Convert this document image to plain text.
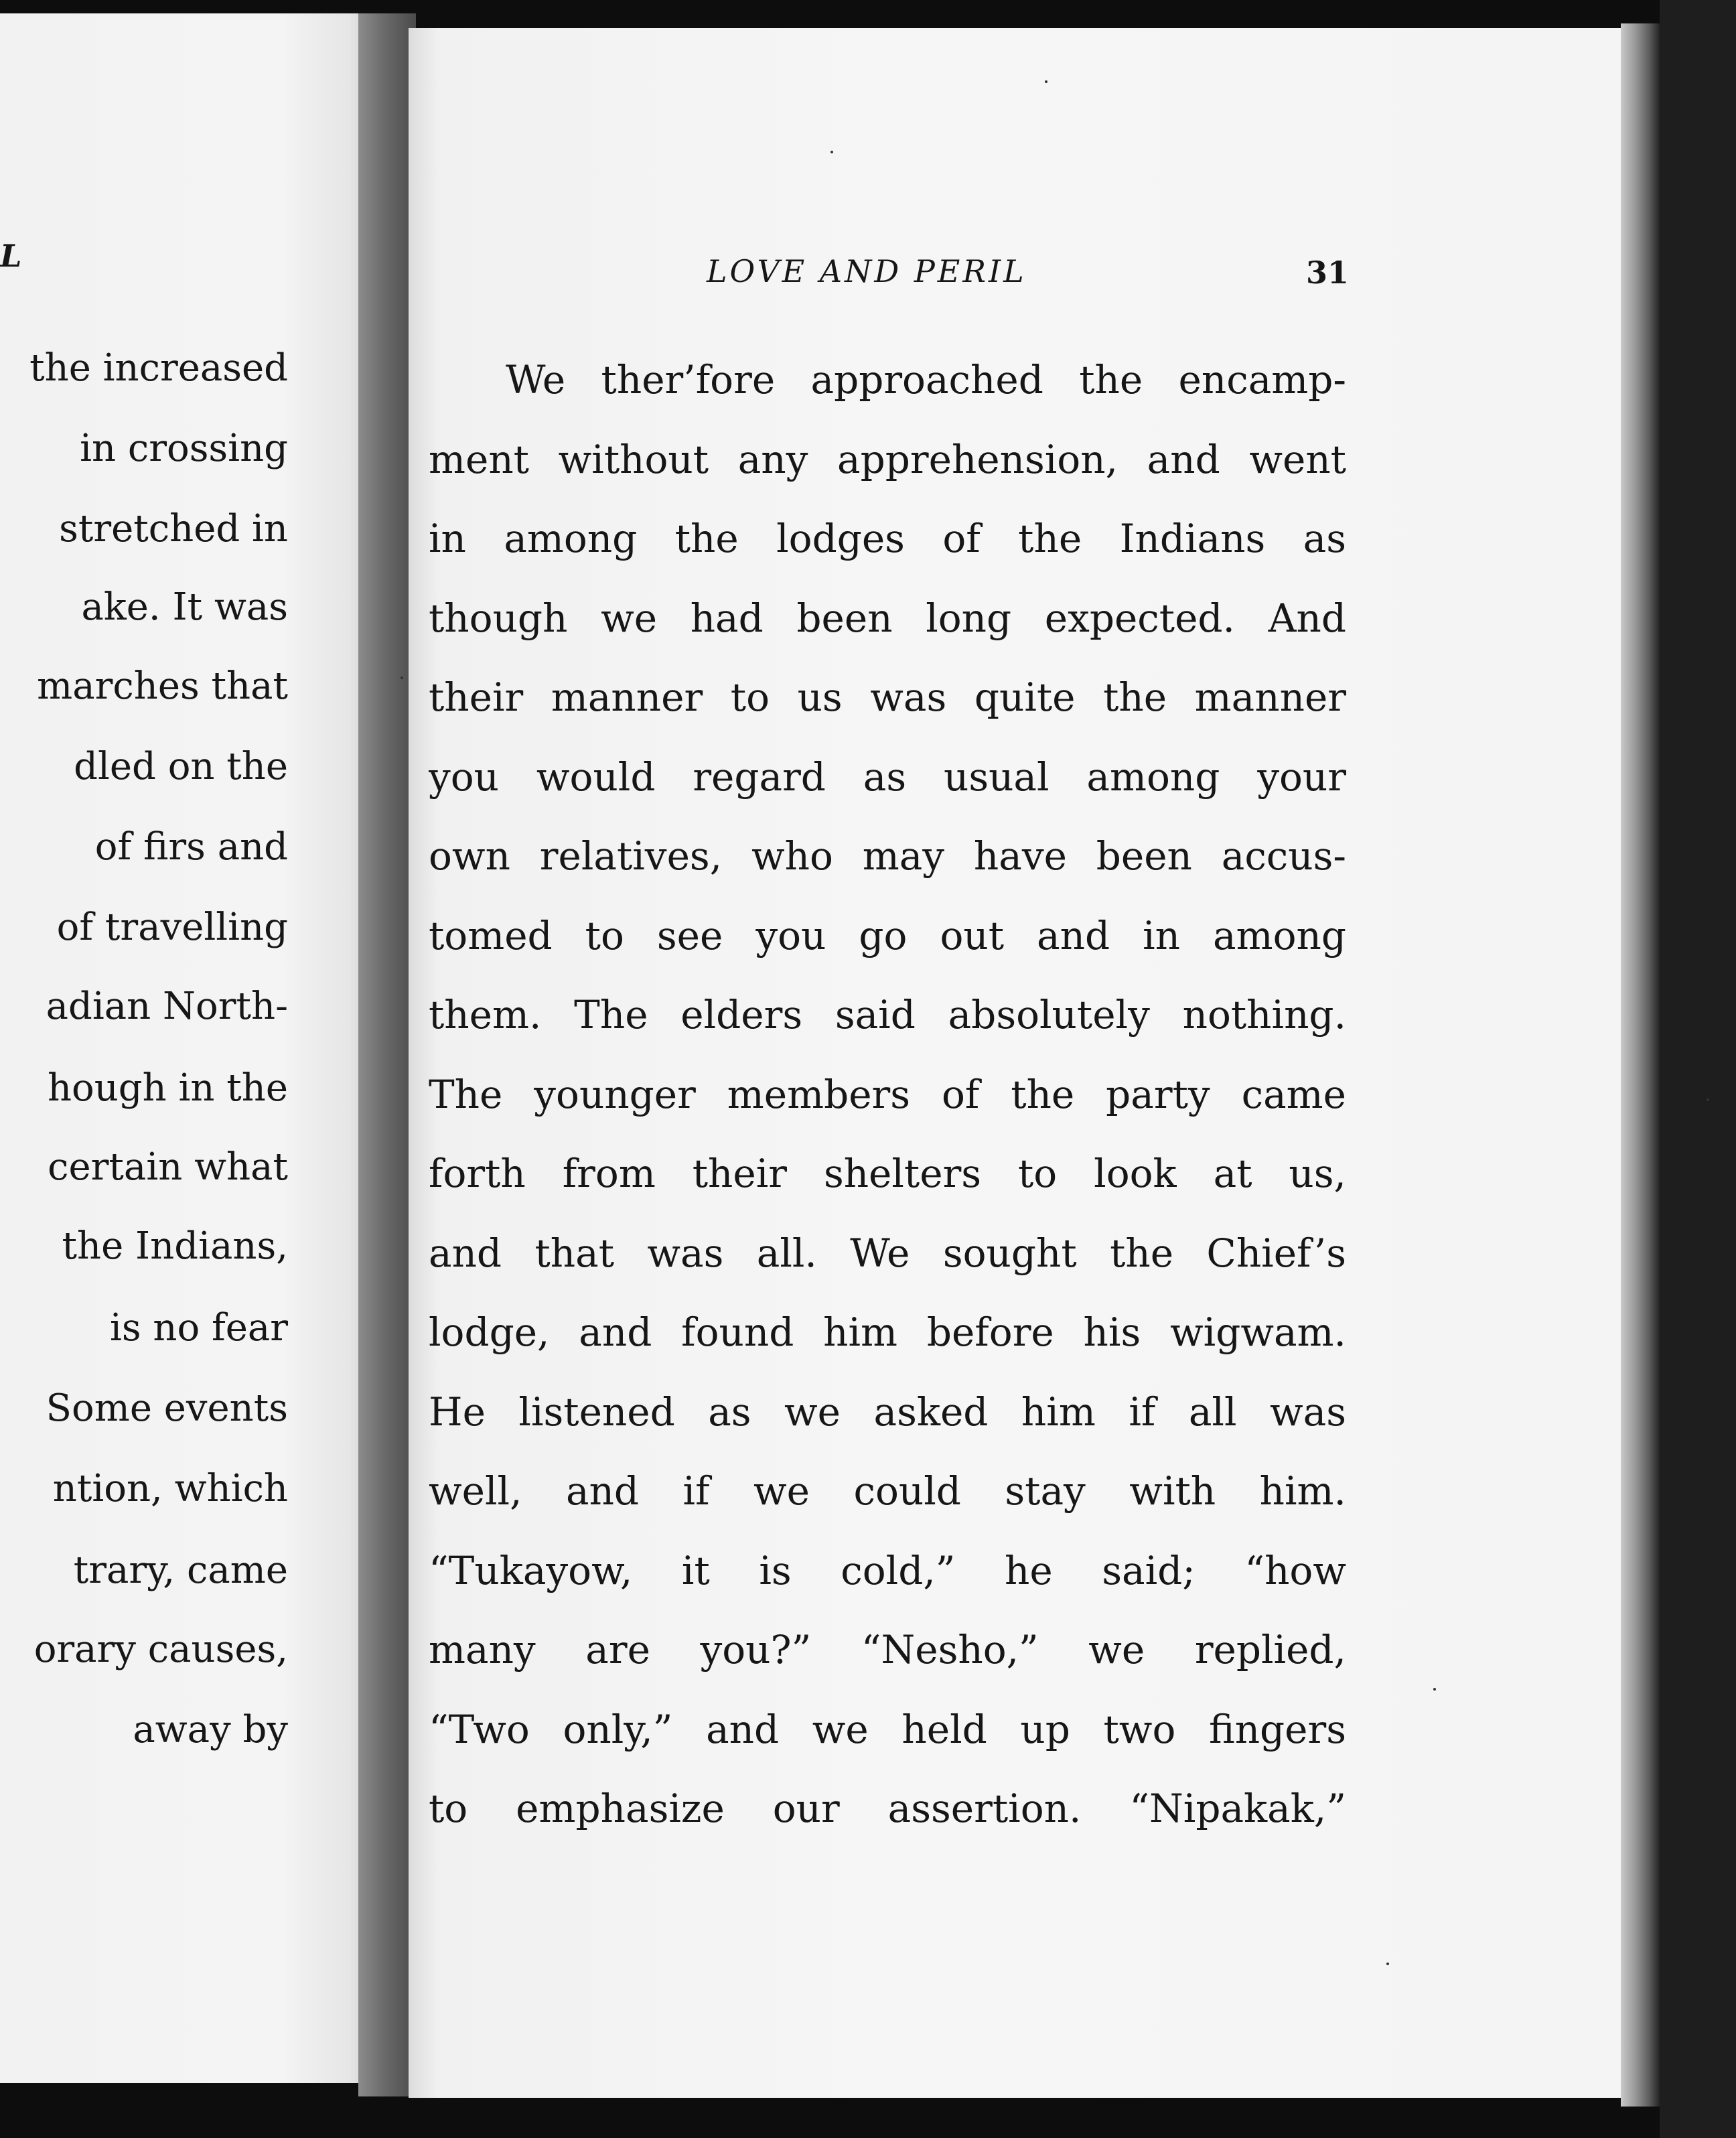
L
the increased
in crossing
stretched in
ake. It was
marches that
dled on the
of firs and
of travelling
adian North-
hough in the
certain what
the Indians,
is no fear
Some events
ntion, which
trary, came
orary causes,
away by
LOVE AND PERIL	31
We ther’fore approached the encamp-
ment without any apprehension, and went
in among the lodges of the Indians as
though we had been long expected. And
their manner to us was quite the manner
you would regard as usual among your
own relatives, who may have been accus-
tomed to see you go out and in among
them. The elders said absolutely nothing.
The younger members of the party came
forth from their shelters to look at us,
and that was all. We sought the Chief’s
lodge, and found him before his wigwam.
He listened as we asked him if all was
well, and if we could stay with him.
“Tukayow, it is cold,” he said; “how
many are you?” “Nesho,” we replied,
“Two only,” and we held up two fingers
to emphasize our assertion. “Nipakak,”
